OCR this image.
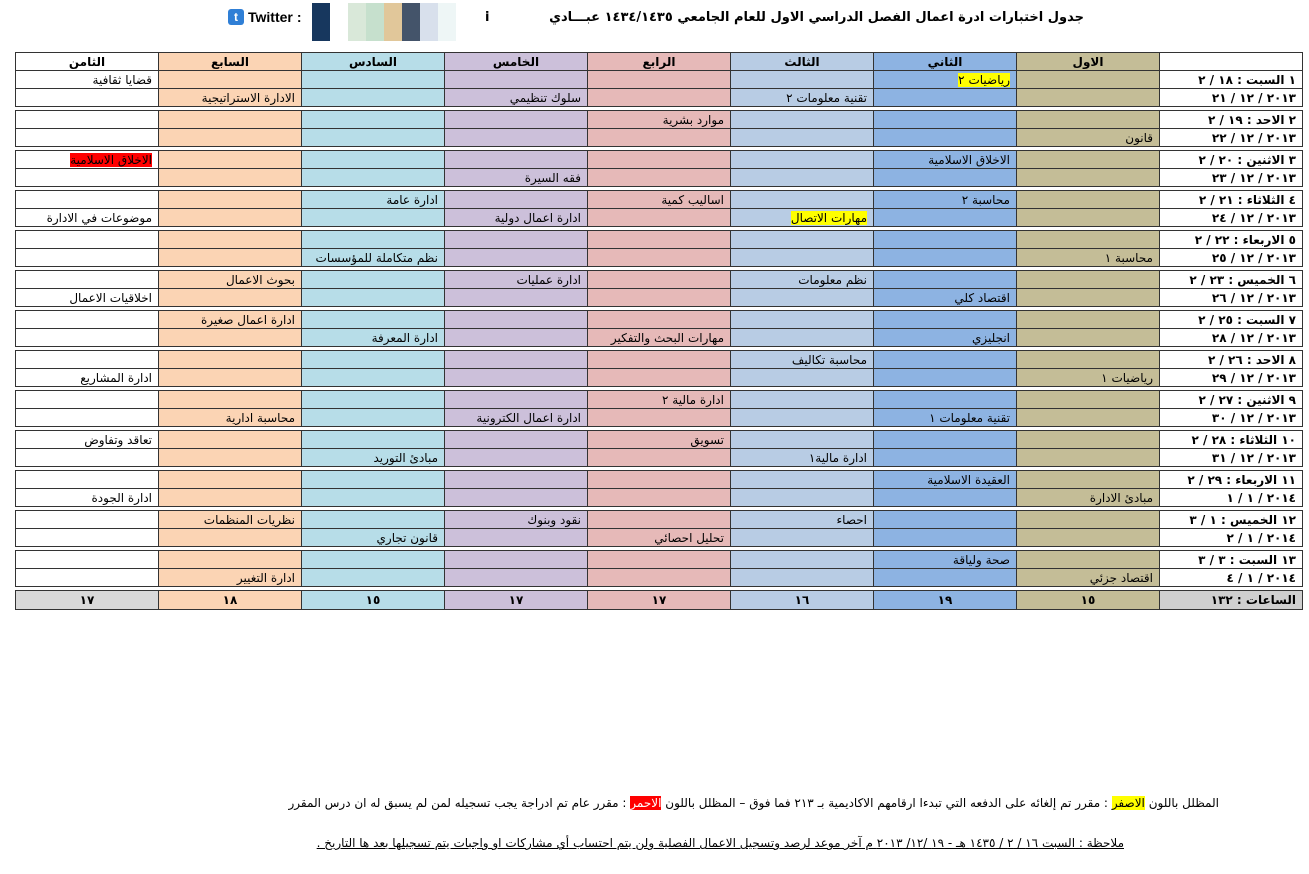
جدول اختبارات ادرة اعمال الفصل الدراسي الاول للعام الجامعي ١٤٣٤/١٤٣٥ عبـــادي
i
t Twitter :
	الاول	الثاني	الثالث	الرابع	الخامس	السادس	السابع	الثامن
١ السبت : ١٨ / ٢		رياضيات ٢						قضايا ثقافية
٢٠١٣ / ١٢ / ٢١			تقنية معلومات ٢		سلوك تنظيمي		الادارة الاستراتيجية	

٢ الاحد : ١٩ / ٢				موارد بشرية				
٢٠١٣ / ١٢ / ٢٢	قانون							

٣ الاثنين : ٢٠ / ٢		الاخلاق الاسلامية						الاخلاق الاسلامية
٢٠١٣ / ١٢ / ٢٣					فقه السيرة			

٤ الثلاثاء : ٢١ / ٢		محاسبة ٢		اساليب كمية		ادارة عامة		
٢٠١٣ / ١٢ / ٢٤			مهارات الاتصال		ادارة اعمال دولية			موضوعات في الادارة

٥ الاربعاء : ٢٢ / ٢								
٢٠١٣ / ١٢ / ٢٥	محاسبة ١					نظم متكاملة للمؤسسات		

٦ الخميس : ٢٣ / ٢			نظم معلومات		ادارة عمليات		بحوث الاعمال	
٢٠١٣ / ١٢ / ٢٦		اقتصاد كلي						اخلاقيات الاعمال

٧ السبت : ٢٥ / ٢							ادارة اعمال صغيرة	
٢٠١٣ / ١٢ / ٢٨		انجليزي		مهارات البحث والتفكير		ادارة المعرفة		

٨ الاحد : ٢٦ / ٢			محاسبة تكاليف					
٢٠١٣ / ١٢ / ٢٩	رياضيات ١							ادارة المشاريع

٩ الاثنين : ٢٧ / ٢				ادارة مالية ٢				
٢٠١٣ / ١٢ / ٣٠		تقنية معلومات ١			ادارة اعمال الكترونية		محاسبة ادارية	

١٠ الثلاثاء : ٢٨ / ٢				تسويق				تعاقد وتفاوض
٢٠١٣ / ١٢ / ٣١			ادارة مالية١			مبادئ التوريد		

١١ الاربعاء : ٢٩ / ٢		العقيدة الاسلامية						
٢٠١٤ / ١ / ١	مبادئ الادارة							ادارة الجودة

١٢ الخميس : ١ / ٣			احصاء		نقود وبنوك		نظريات المنظمات	
٢٠١٤ / ١ / ٢				تحليل احصائي		قانون تجاري		

١٣ السبت : ٣ / ٣		صحة ولياقة						
٢٠١٤ / ١ / ٤	اقتصاد جزئي						ادارة التغيير	

الساعات : ١٣٢	١٥	١٩	١٦	١٧	١٧	١٥	١٨	١٧
المظلل باللون الاصفر : مقرر تم إلغائه على الدفعه التي تبدءا ارقامهم الاكاديمية بـ ٢١٣ فما فوق – المظلل باللون الاحمر : مقرر عام تم ادراجة يجب تسجيله لمن لم يسبق له ان درس المقرر
ملاحظة : السبت ١٦ / ٢ / ١٤٣٥ هـ - ١٩ /١٢/ ٢٠١٣ م آخر موعد لرصد وتسجيل الاعمال الفصلية ولن يتم احتساب أي مشاركات او واجبات يتم تسجيلها بعد ها التاريخ .
